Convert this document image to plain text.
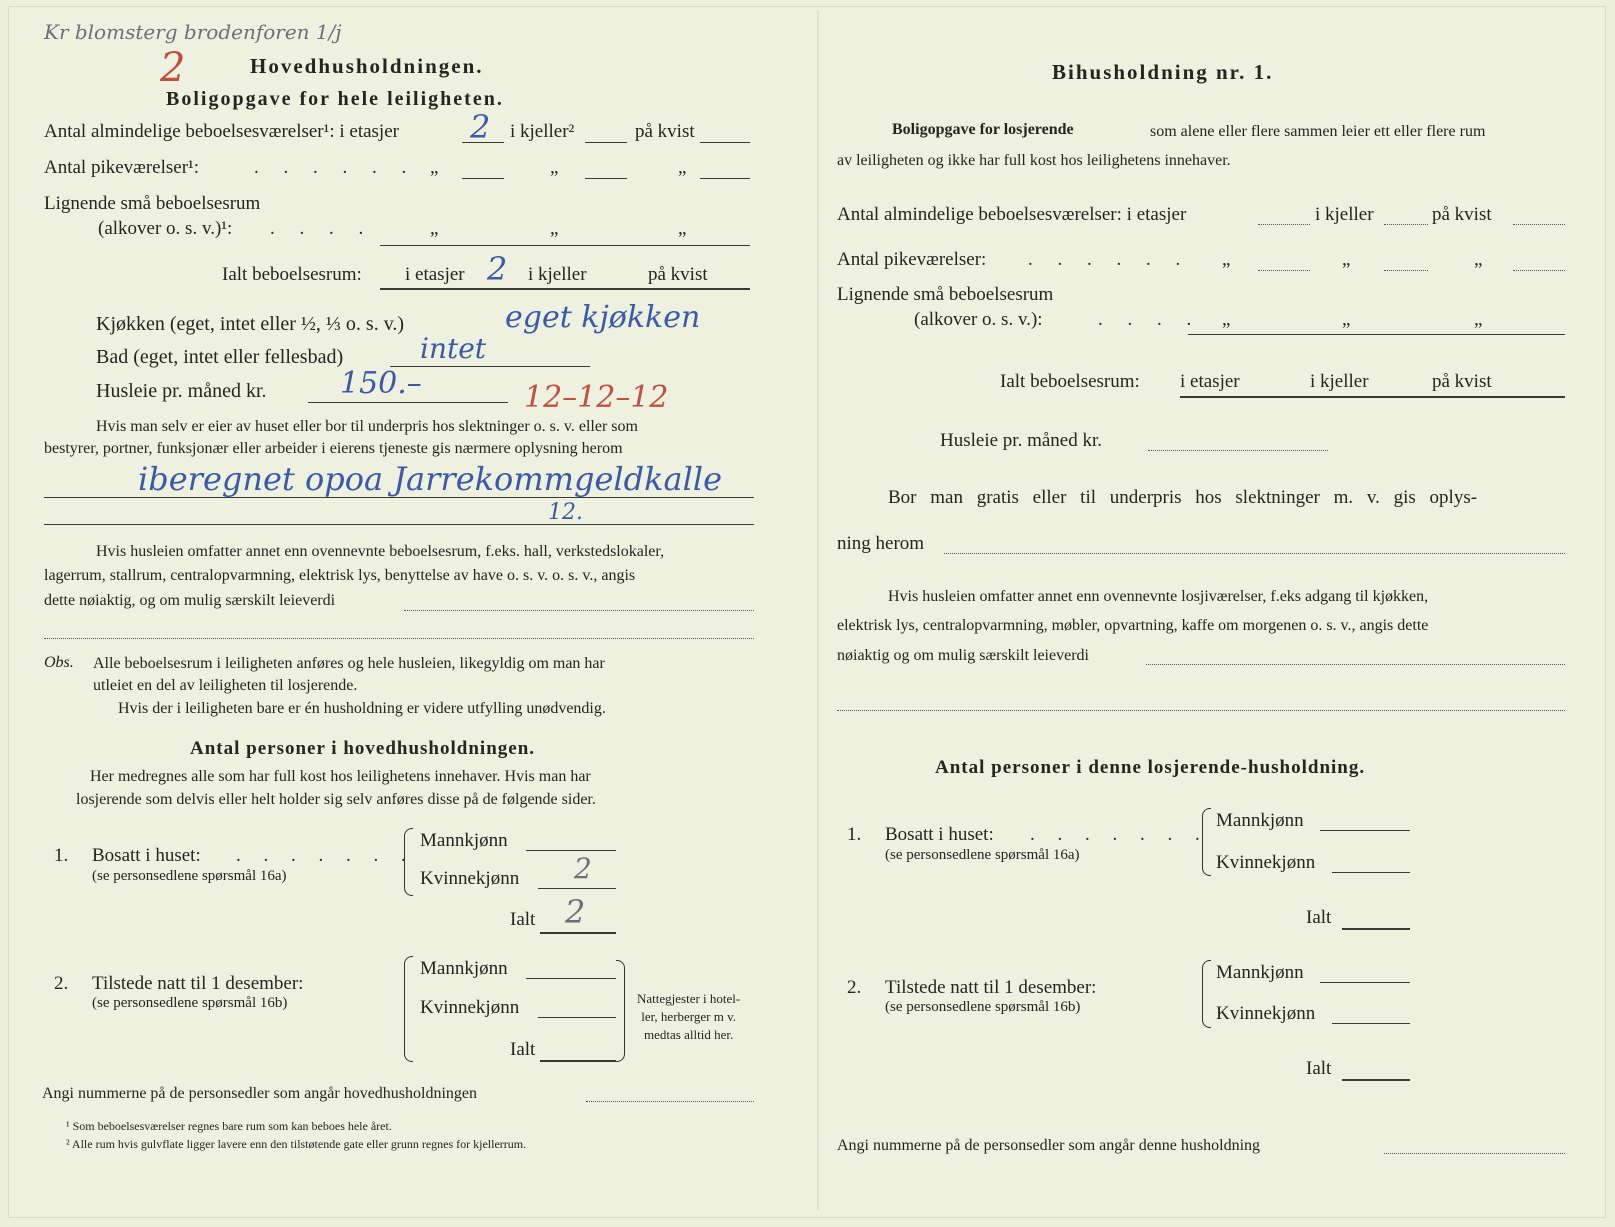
Kr blomsterg brodenforen 1/j
2	Hovedhusholdningen.
Boligopgave for hele leiligheten.
Antal almindelige beboelsesværelser¹: i etasjer 2 i kjeller²	på kvist
Antal pikeværelser¹:	. . . . . . „	„	„
Lignende små beboelsesrum
(alkover o. s. v.)¹: . . . .	„	„	„
Ialt beboelsesrum: i etasjer 2 i kjeller	på kvist
Kjøkken (eget, intet eller ½, ⅓ o. s. v.)	eget kjøkken
Bad (eget, intet eller fellesbad)	intet
Husleie pr. måned kr. 150.–	12–12–12
Hvis man selv er eier av huset eller bor til underpris hos slektninger o. s. v. eller som
bestyrer, portner, funksjonær eller arbeider i eierens tjeneste gis nærmere oplysning herom
iberegnet opoa Jarrekommgeldkalle
12.
Hvis husleien omfatter annet enn ovennevnte beboelsesrum, f.eks. hall, verkstedslokaler,
lagerrum, stallrum, centralopvarmning, elektrisk lys, benyttelse av have o. s. v. o. s. v., angis
dette nøiaktig, og om mulig særskilt leieverdi
Obs. Alle beboelsesrum i leiligheten anføres og hele husleien, likegyldig om man har
utleiet en del av leiligheten til losjerende.
Hvis der i leiligheten bare er én husholdning er videre utfylling unødvendig.
Antal personer i hovedhusholdningen.
Her medregnes alle som har full kost hos leilighetens innehaver. Hvis man har
losjerende som delvis eller helt holder sig selv anføres disse på de følgende sider.
1. Bosatt i huset: . . . . . . .
(se personsedlene spørsmål 16a)
Mannkjønn
Kvinnekjønn 2
Ialt 2
2. Tilstede natt til 1 desember:
(se personsedlene spørsmål 16b)
Mannkjønn
Kvinnekjønn
Ialt
Nattegjester i hotel-
ler, herberger m v.
medtas alltid her.
Angi nummerne på de personsedler som angår hovedhusholdningen
¹ Som beboelsesværelser regnes bare rum som kan beboes hele året.
² Alle rum hvis gulvflate ligger lavere enn den tilstøtende gate eller grunn regnes for kjellerrum.
Bihusholdning nr. 1.
Boligopgave for losjerende	som alene eller flere sammen leier ett eller flere rum
av leiligheten og ikke har full kost hos leilighetens innehaver.
Antal almindelige beboelsesværelser: i etasjer	i kjeller	på kvist
Antal pikeværelser: . . . . . . „	„	„
Lignende små beboelsesrum
(alkover o. s. v.):	. . . . „	„	„
Ialt beboelsesrum: i etasjer	i kjeller	på kvist
Husleie pr. måned kr.
Bor man gratis eller til underpris hos slektninger m. v. gis oplys-
ning herom
Hvis husleien omfatter annet enn ovennevnte losjiværelser, f.eks adgang til kjøkken,
elektrisk lys, centralopvarmning, møbler, opvartning, kaffe om morgenen o. s. v., angis dette
nøiaktig og om mulig særskilt leieverdi
Antal personer i denne losjerende-husholdning.
1. Bosatt i huset: . . . . . . .
(se personsedlene spørsmål 16a)
Mannkjønn
Kvinnekjønn
Ialt
2. Tilstede natt til 1 desember:
(se personsedlene spørsmål 16b)
Mannkjønn
Kvinnekjønn
Ialt
Angi nummerne på de personsedler som angår denne husholdning
